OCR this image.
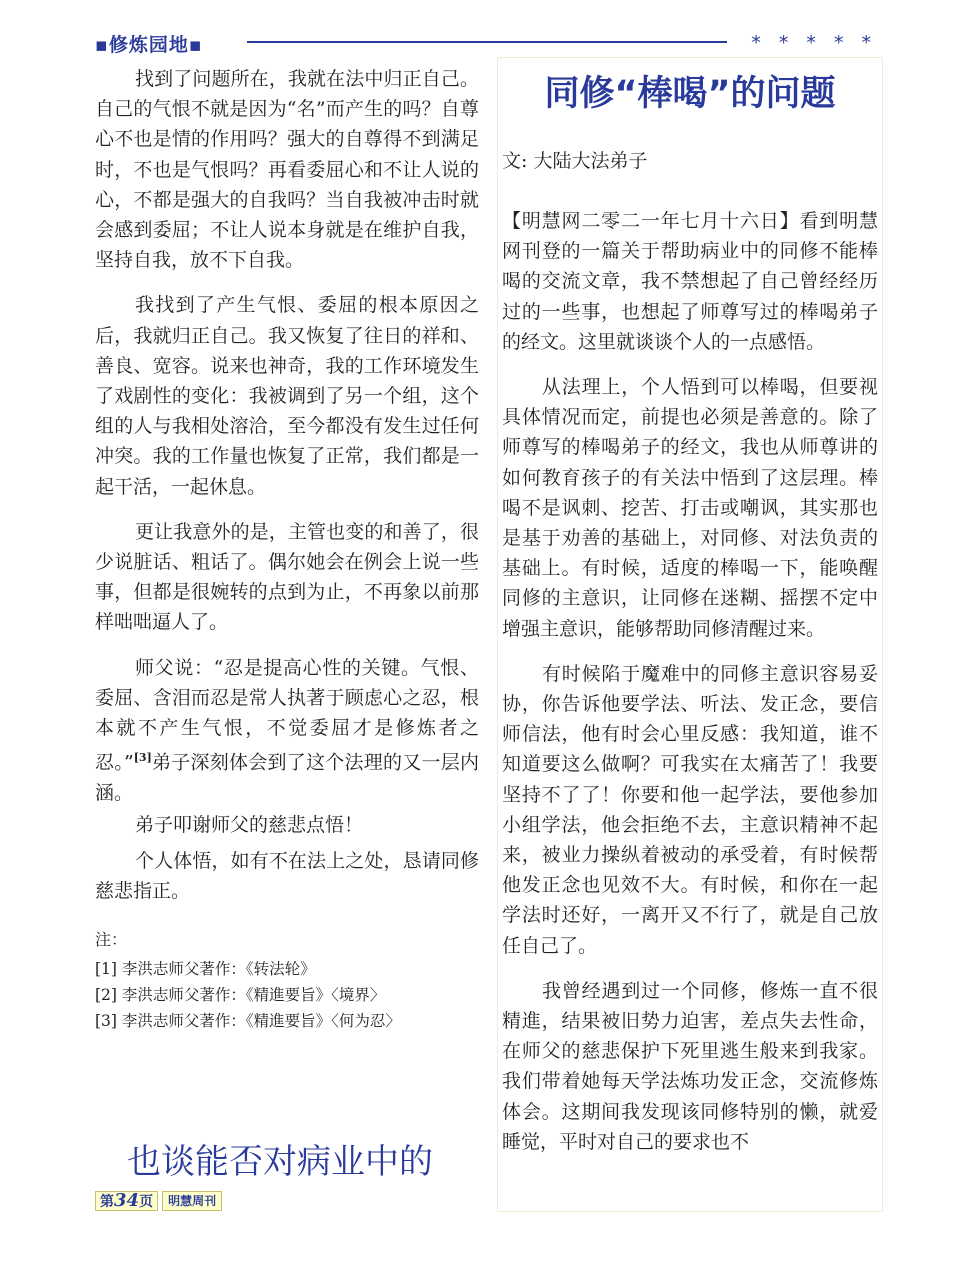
▪修炼园地▪	* * * * *

找到了问题所在，我就在法中归正自己。自己的气恨不就是因为“名”而产生的吗？自尊心不也是情的作用吗？强大的自尊得不到满足时，不也是气恨吗？再看委屈心和不让人说的心，不都是强大的自我吗？当自我被冲击时就会感到委屈；不让人说本身就是在维护自我，坚持自我，放不下自我。

我找到了产生气恨、委屈的根本原因之后，我就归正自己。我又恢复了往日的祥和、善良、宽容。说来也神奇，我的工作环境发生了戏剧性的变化：我被调到了另一个组，这个组的人与我相处溶洽，至今都没有发生过任何冲突。我的工作量也恢复了正常，我们都是一起干活，一起休息。

更让我意外的是，主管也变的和善了，很少说脏话、粗话了。偶尔她会在例会上说一些事，但都是很婉转的点到为止，不再象以前那样咄咄逼人了。

师父说：“忍是提高心性的关键。气恨、委屈、含泪而忍是常人执著于顾虑心之忍，根本就不产生气恨，不觉委屈才是修炼者之忍。”[3]弟子深刻体会到了这个法理的又一层内涵。

弟子叩谢师父的慈悲点悟！

个人体悟，如有不在法上之处，恳请同修慈悲指正。

注：

[1] 李洪志师父著作：《转法轮》

[2] 李洪志师父著作：《精進要旨》〈境界〉

[3] 李洪志师父著作：《精進要旨》〈何为忍〉

同修“棒喝”的问题

文: 大陆大法弟子

【明慧网二零二一年七月十六日】看到明慧网刊登的一篇关于帮助病业中的同修不能棒喝的交流文章，我不禁想起了自己曾经经历过的一些事，也想起了师尊写过的棒喝弟子的经文。这里就谈谈个人的一点感悟。

从法理上，个人悟到可以棒喝，但要视具体情况而定，前提也必须是善意的。除了师尊写的棒喝弟子的经文，我也从师尊讲的如何教育孩子的有关法中悟到了这层理。棒喝不是讽刺、挖苦、打击或嘲讽，其实那也是基于劝善的基础上，对同修、对法负责的基础上。有时候，适度的棒喝一下，能唤醒同修的主意识，让同修在迷糊、摇摆不定中增强主意识，能够帮助同修清醒过来。

有时候陷于魔难中的同修主意识容易妥协，你告诉他要学法、听法、发正念，要信师信法，他有时会心里反感：我知道，谁不知道要这么做啊？可我实在太痛苦了！我要坚持不了了！你要和他一起学法，要他参加小组学法，他会拒绝不去，主意识精神不起来，被业力操纵着被动的承受着，有时候帮他发正念也见效不大。有时候，和你在一起学法时还好，一离开又不行了，就是自己放任自己了。

我曾经遇到过一个同修，修炼一直不很精進，结果被旧势力迫害，差点失去性命，在师父的慈悲保护下死里逃生般来到我家。我们带着她每天学法炼功发正念，交流修炼体会。这期间我发现该同修特别的懒，就爱睡觉，平时对自己的要求也不

也谈能否对病业中的
第34页 明慧周刊
